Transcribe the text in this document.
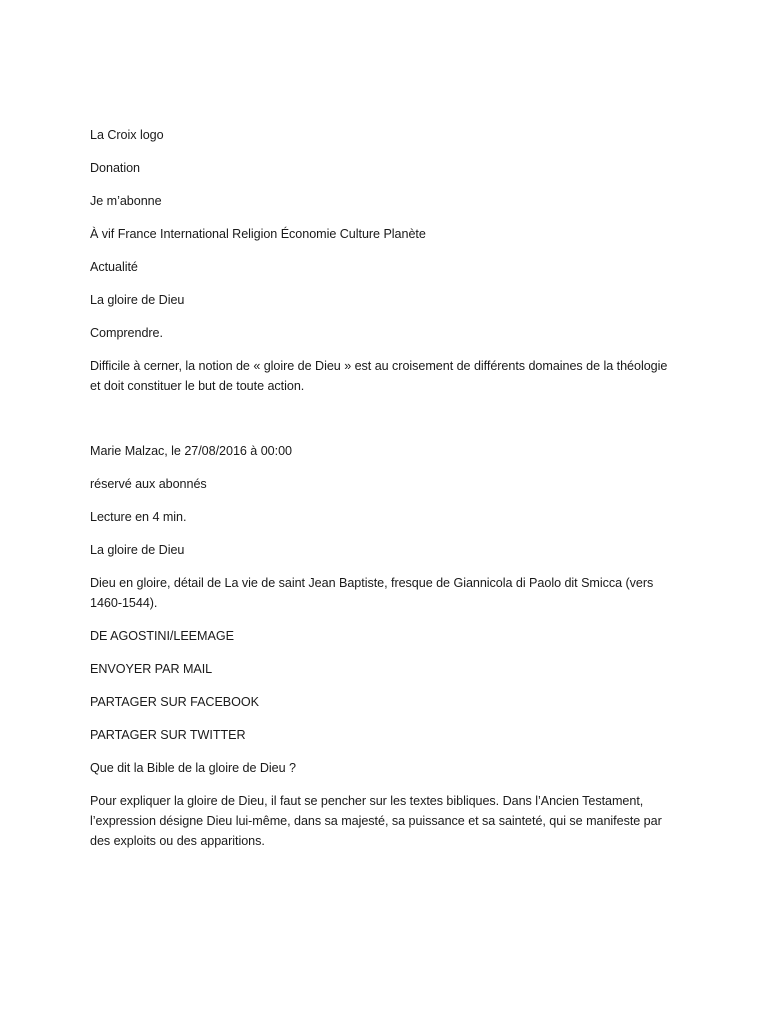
La Croix logo

Donation

Je m’abonne

À vif France International Religion Économie Culture Planète

Actualité

La gloire de Dieu

Comprendre.

Difficile à cerner, la notion de « gloire de Dieu » est au croisement de différents domaines de la théologie et doit constituer le but de toute action.

Marie Malzac, le 27/08/2016 à 00:00

réservé aux abonnés

Lecture en 4 min.

La gloire de Dieu

Dieu en gloire, détail de La vie de saint Jean Baptiste, fresque de Giannicola di Paolo dit Smicca (vers 1460-1544).

DE AGOSTINI/LEEMAGE

ENVOYER PAR MAIL

PARTAGER SUR FACEBOOK

PARTAGER SUR TWITTER

Que dit la Bible de la gloire de Dieu ?

Pour expliquer la gloire de Dieu, il faut se pencher sur les textes bibliques. Dans l’Ancien Testament, l’expression désigne Dieu lui-même, dans sa majesté, sa puissance et sa sainteté, qui se manifeste par des exploits ou des apparitions.
